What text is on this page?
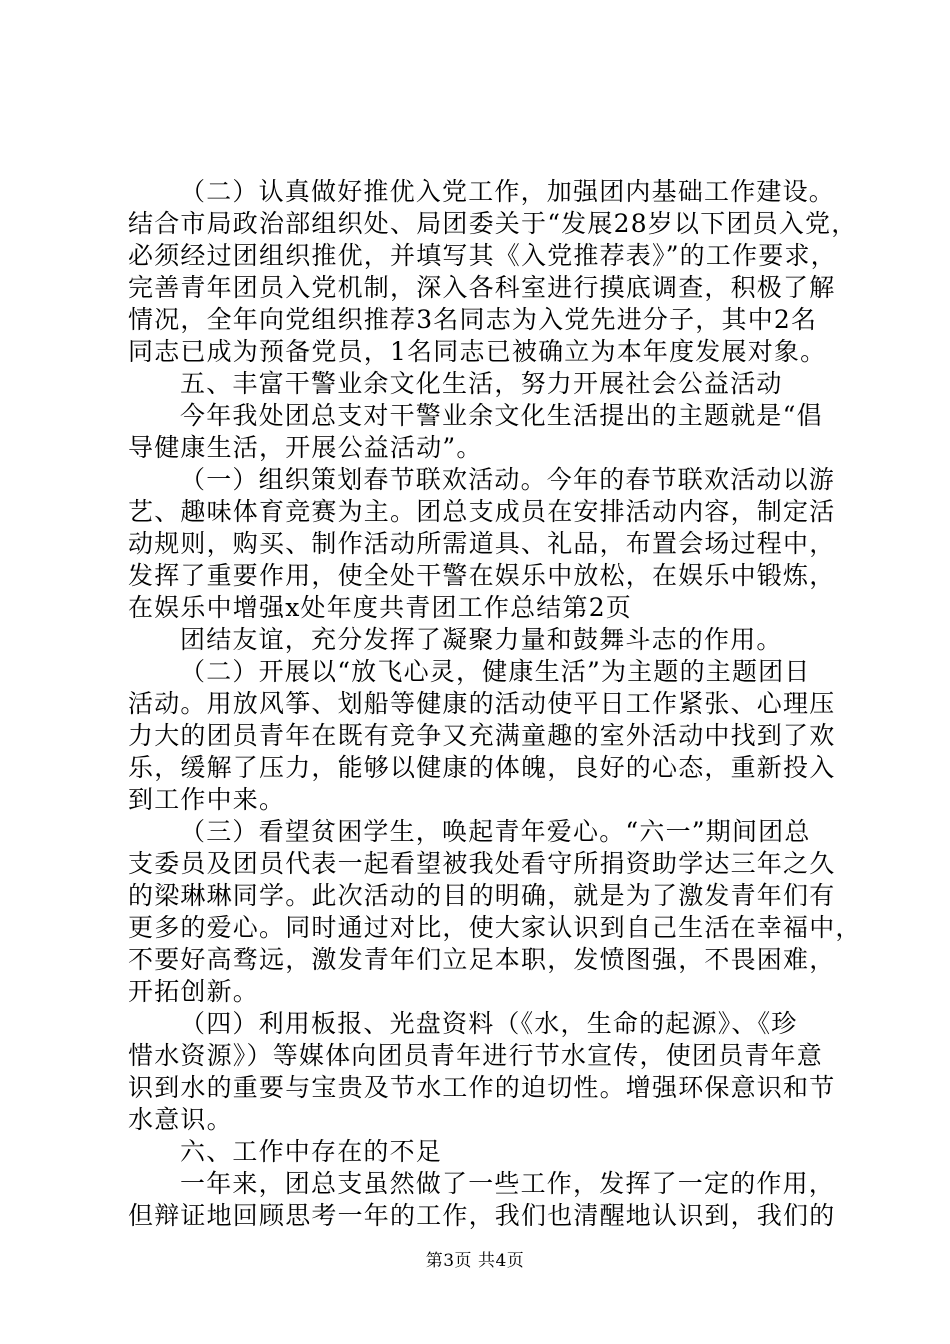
（二）认真做好推优入党工作，加强团内基础工作建设。
结合市局政治部组织处、局团委关于“发展28岁以下团员入党，
必须经过团组织推优，并填写其《入党推荐表》”的工作要求，
完善青年团员入党机制，深入各科室进行摸底调查，积极了解
情况，全年向党组织推荐3名同志为入党先进分子，其中2名
同志已成为预备党员，1名同志已被确立为本年度发展对象。
五、丰富干警业余文化生活，努力开展社会公益活动
今年我处团总支对干警业余文化生活提出的主题就是“倡
导健康生活，开展公益活动”。
（一）组织策划春节联欢活动。今年的春节联欢活动以游
艺、趣味体育竞赛为主。团总支成员在安排活动内容，制定活
动规则，购买、制作活动所需道具、礼品，布置会场过程中，
发挥了重要作用，使全处干警在娱乐中放松，在娱乐中锻炼，
在娱乐中增强x处年度共青团工作总结第2页
团结友谊，充分发挥了凝聚力量和鼓舞斗志的作用。
（二）开展以“放飞心灵，健康生活”为主题的主题团日
活动。用放风筝、划船等健康的活动使平日工作紧张、心理压
力大的团员青年在既有竞争又充满童趣的室外活动中找到了欢
乐，缓解了压力，能够以健康的体魄，良好的心态，重新投入
到工作中来。
（三）看望贫困学生，唤起青年爱心。“六一”期间团总
支委员及团员代表一起看望被我处看守所捐资助学达三年之久
的梁琳琳同学。此次活动的目的明确，就是为了激发青年们有
更多的爱心。同时通过对比，使大家认识到自己生活在幸福中，
不要好高骛远，激发青年们立足本职，发愤图强，不畏困难，
开拓创新。
（四）利用板报、光盘资料（《水，生命的起源》、《珍
惜水资源》）等媒体向团员青年进行节水宣传，使团员青年意
识到水的重要与宝贵及节水工作的迫切性。增强环保意识和节
水意识。
六、工作中存在的不足
一年来，团总支虽然做了一些工作，发挥了一定的作用，
但辩证地回顾思考一年的工作，我们也清醒地认识到，我们的
第3页 共4页
